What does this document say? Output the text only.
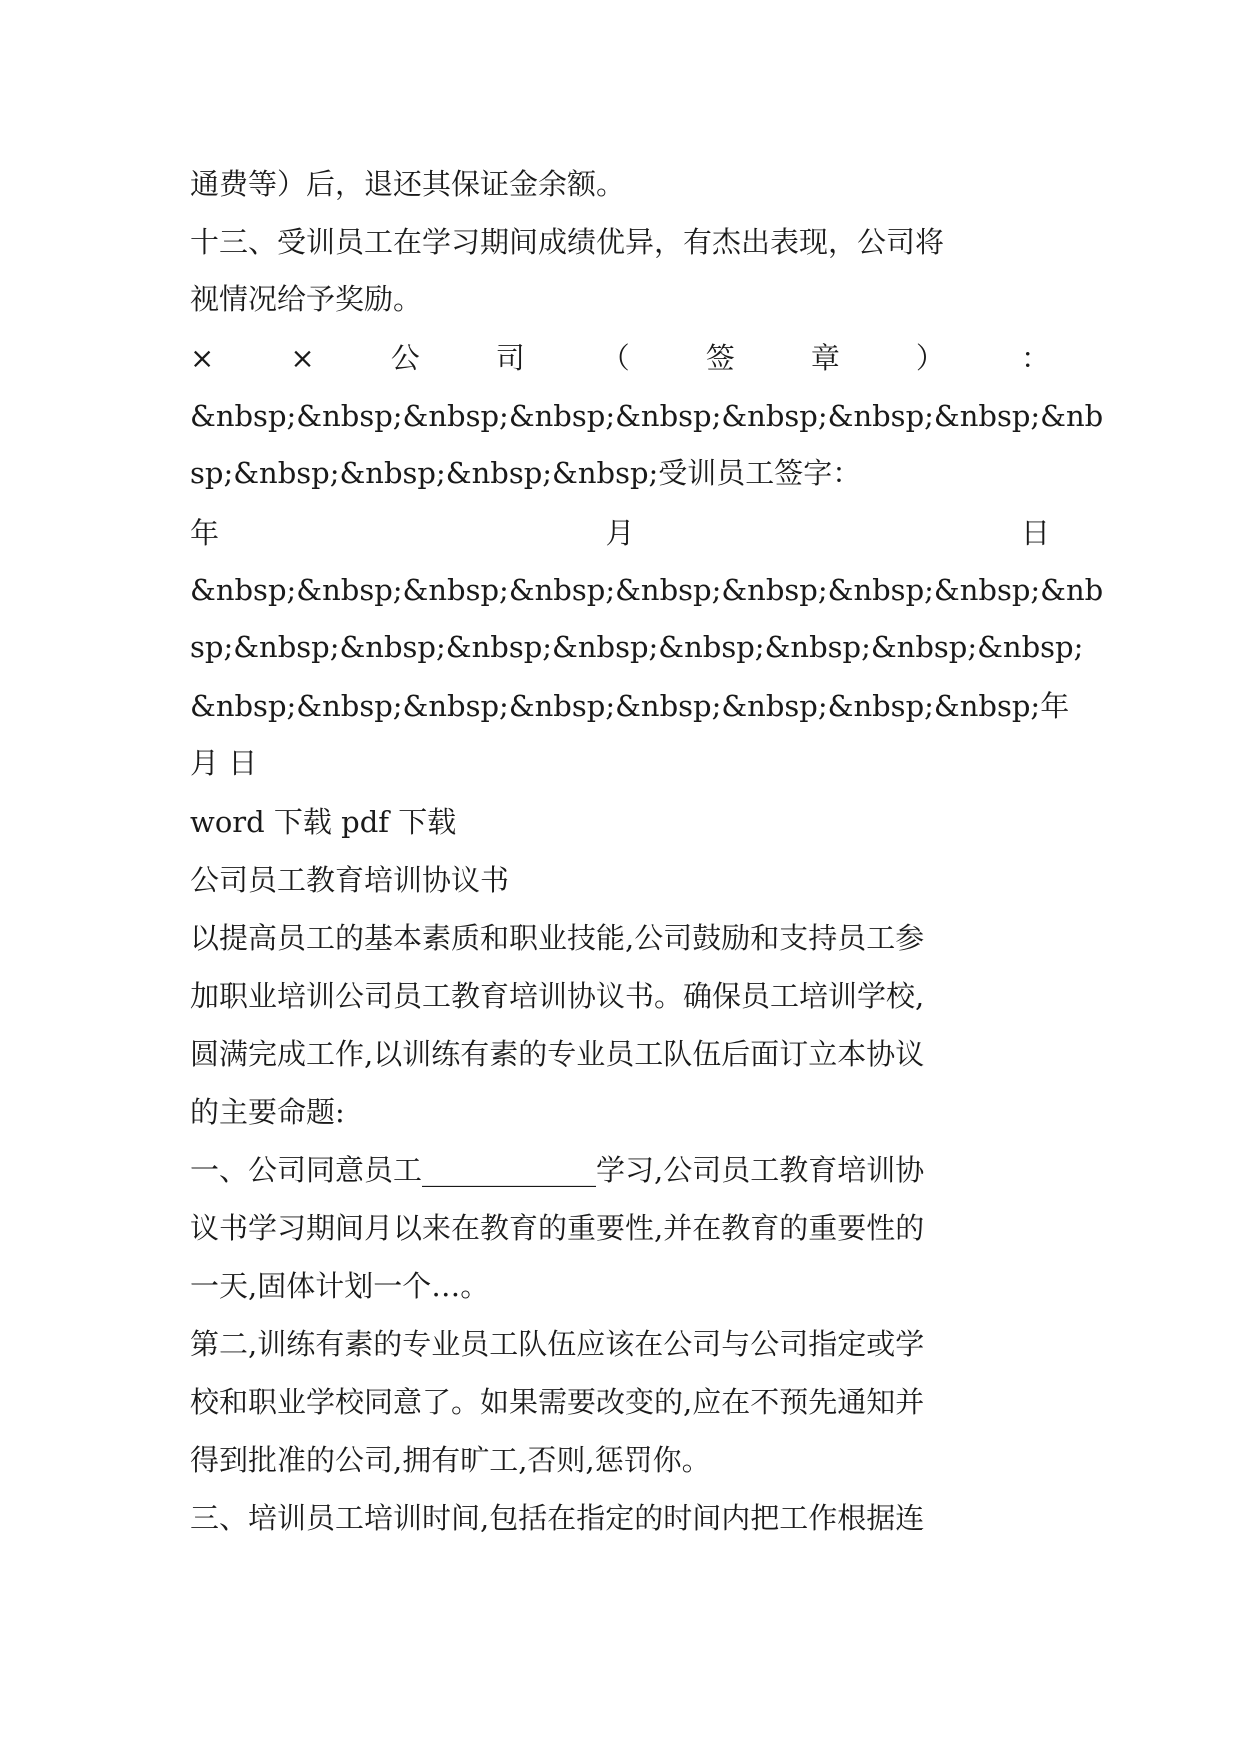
通费等）后，退还其保证金余额。
十三、受训员工在学习期间成绩优异，有杰出表现，公司将
视情况给予奖励。
×	×	公	司	（	签	章	）	：
&nbsp;&nbsp;&nbsp;&nbsp;&nbsp;&nbsp;&nbsp;&nbsp;&nb
sp;&nbsp;&nbsp;&nbsp;&nbsp;受训员工签字：
年	月	日
&nbsp;&nbsp;&nbsp;&nbsp;&nbsp;&nbsp;&nbsp;&nbsp;&nb
sp;&nbsp;&nbsp;&nbsp;&nbsp;&nbsp;&nbsp;&nbsp;&nbsp;
&nbsp;&nbsp;&nbsp;&nbsp;&nbsp;&nbsp;&nbsp;&nbsp; 年
月 日
word 下载 pdf 下载
公司员工教育培训协议书
以提高员工的基本素质和职业技能,公司鼓励和支持员工参
加职业培训公司员工教育培训协议书。确保员工培训学校,
圆满完成工作,以训练有素的专业员工队伍后面订立本协议
的主要命题:
一、公司同意员工____________学习,公司员工教育培训协
议书学习期间月以来在教育的重要性,并在教育的重要性的
一天,固体计划一个…。
第二,训练有素的专业员工队伍应该在公司与公司指定或学
校和职业学校同意了。如果需要改变的,应在不预先通知并
得到批准的公司,拥有旷工,否则,惩罚你。
三、培训员工培训时间,包括在指定的时间内把工作根据连
